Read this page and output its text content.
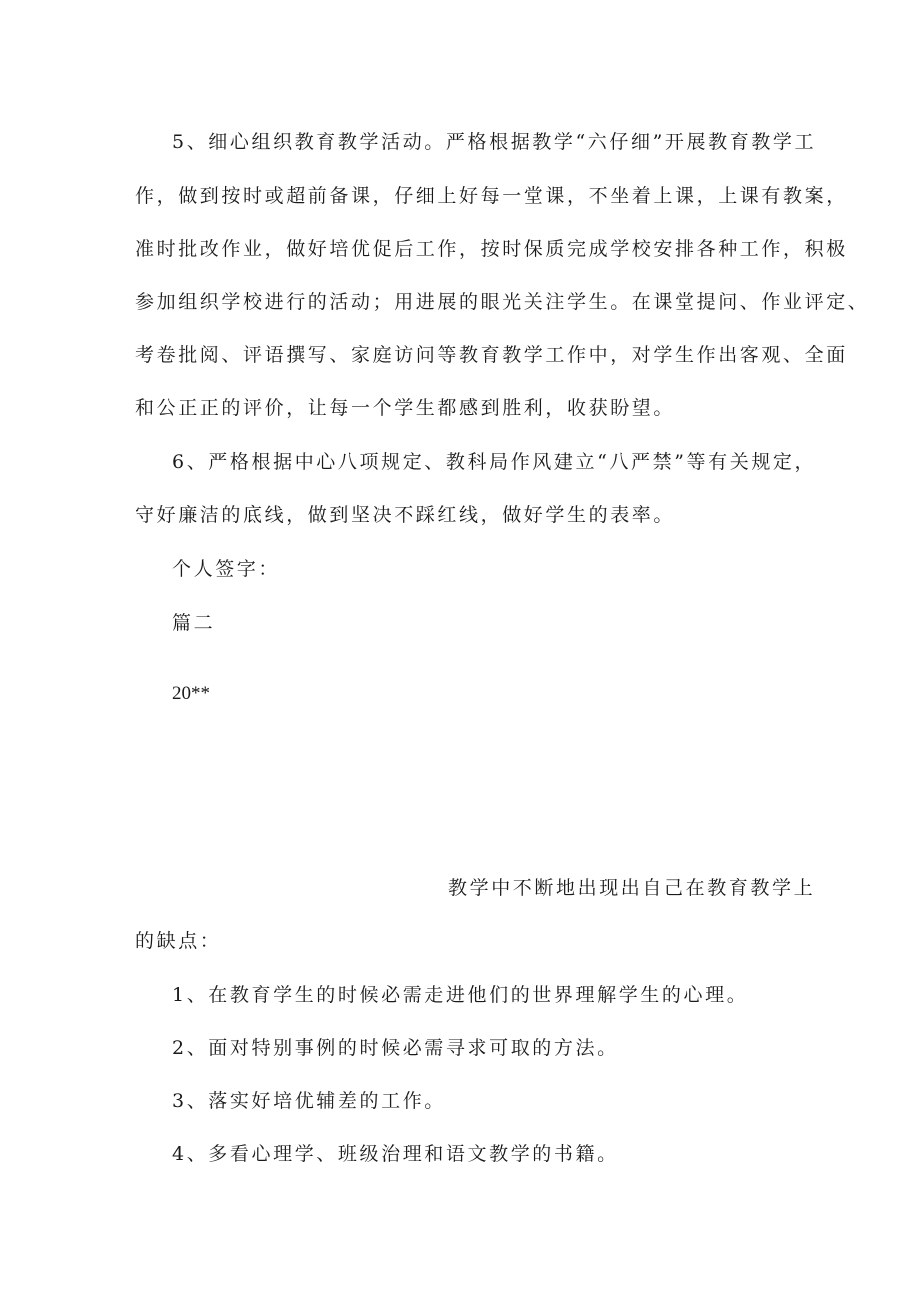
5、细心组织教育教学活动。严格根据教学“六仔细”开展教育教学工
作，做到按时或超前备课，仔细上好每一堂课，不坐着上课，上课有教案，
准时批改作业，做好培优促后工作，按时保质完成学校安排各种工作，积极
参加组织学校进行的活动；用进展的眼光关注学生。在课堂提问、作业评定、
考卷批阅、评语撰写、家庭访问等教育教学工作中，对学生作出客观、全面
和公正正的评价，让每一个学生都感到胜利，收获盼望。
6、严格根据中心八项规定、教科局作风建立“八严禁”等有关规定，
守好廉洁的底线，做到坚决不踩红线，做好学生的表率。
个人签字：
篇二
20**
教学中不断地出现出自己在教育教学上
的缺点：
1、在教育学生的时候必需走进他们的世界理解学生的心理。
2、面对特别事例的时候必需寻求可取的方法。
3、落实好培优辅差的工作。
4、多看心理学、班级治理和语文教学的书籍。
